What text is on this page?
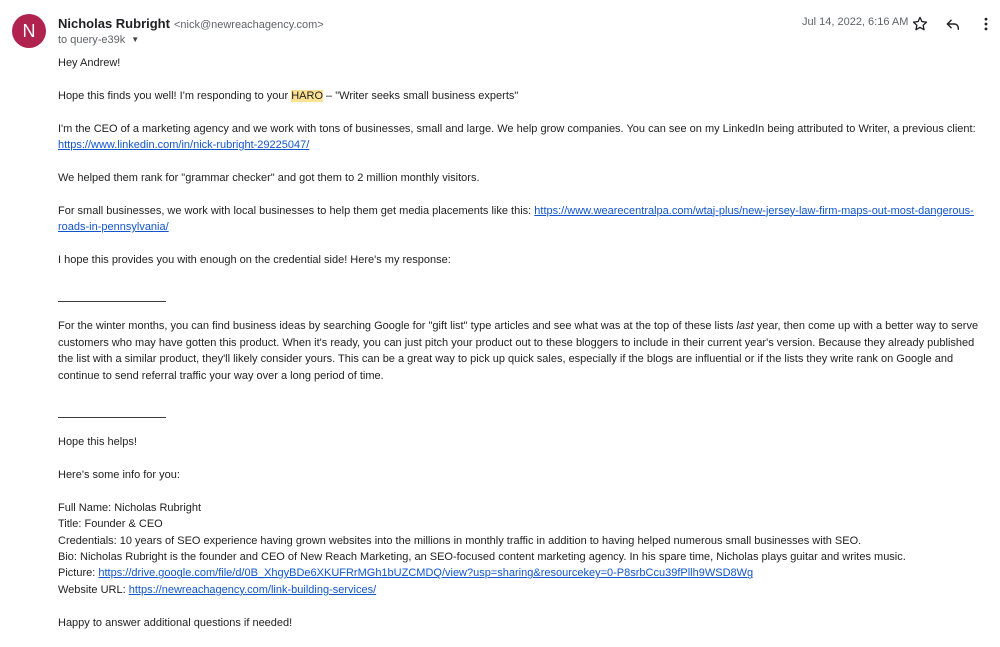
N	Nicholas Rubright <nick@newreachagency.com>
to query-e39k ▼
Jul 14, 2022, 6:16 AM

Hey Andrew!

Hope this finds you well! I'm responding to your HARO – "Writer seeks small business experts"

I'm the CEO of a marketing agency and we work with tons of businesses, small and large. We help grow companies. You can see on my LinkedIn being attributed to Writer, a previous client: https://www.linkedin.com/in/nick-rubright-29225047/

We helped them rank for "grammar checker" and got them to 2 million monthly visitors.

For small businesses, we work with local businesses to help them get media placements like this: https://www.wearecentralpa.com/wtaj-plus/new-jersey-law-firm-maps-out-most-dangerous-roads-in-pennsylvania/

I hope this provides you with enough on the credential side! Here's my response:

For the winter months, you can find business ideas by searching Google for "gift list" type articles and see what was at the top of these lists last year, then come up with a better way to serve customers who may have gotten this product. When it's ready, you can just pitch your product out to these bloggers to include in their current year's version. Because they already published the list with a similar product, they'll likely consider yours. This can be a great way to pick up quick sales, especially if the blogs are influential or if the lists they write rank on Google and continue to send referral traffic your way over a long period of time.

Hope this helps!

Here's some info for you:

Full Name: Nicholas Rubright
Title: Founder & CEO
Credentials: 10 years of SEO experience having grown websites into the millions in monthly traffic in addition to having helped numerous small businesses with SEO.
Bio: Nicholas Rubright is the founder and CEO of New Reach Marketing, an SEO-focused content marketing agency. In his spare time, Nicholas plays guitar and writes music.
Picture: https://drive.google.com/file/d/0B_XhgyBDe6XKUFRrMGh1bUZCMDQ/view?usp=sharing&resourcekey=0-P8srbCcu39fPllh9WSD8Wg
Website URL: https://newreachagency.com/link-building-services/

Happy to answer additional questions if needed!
